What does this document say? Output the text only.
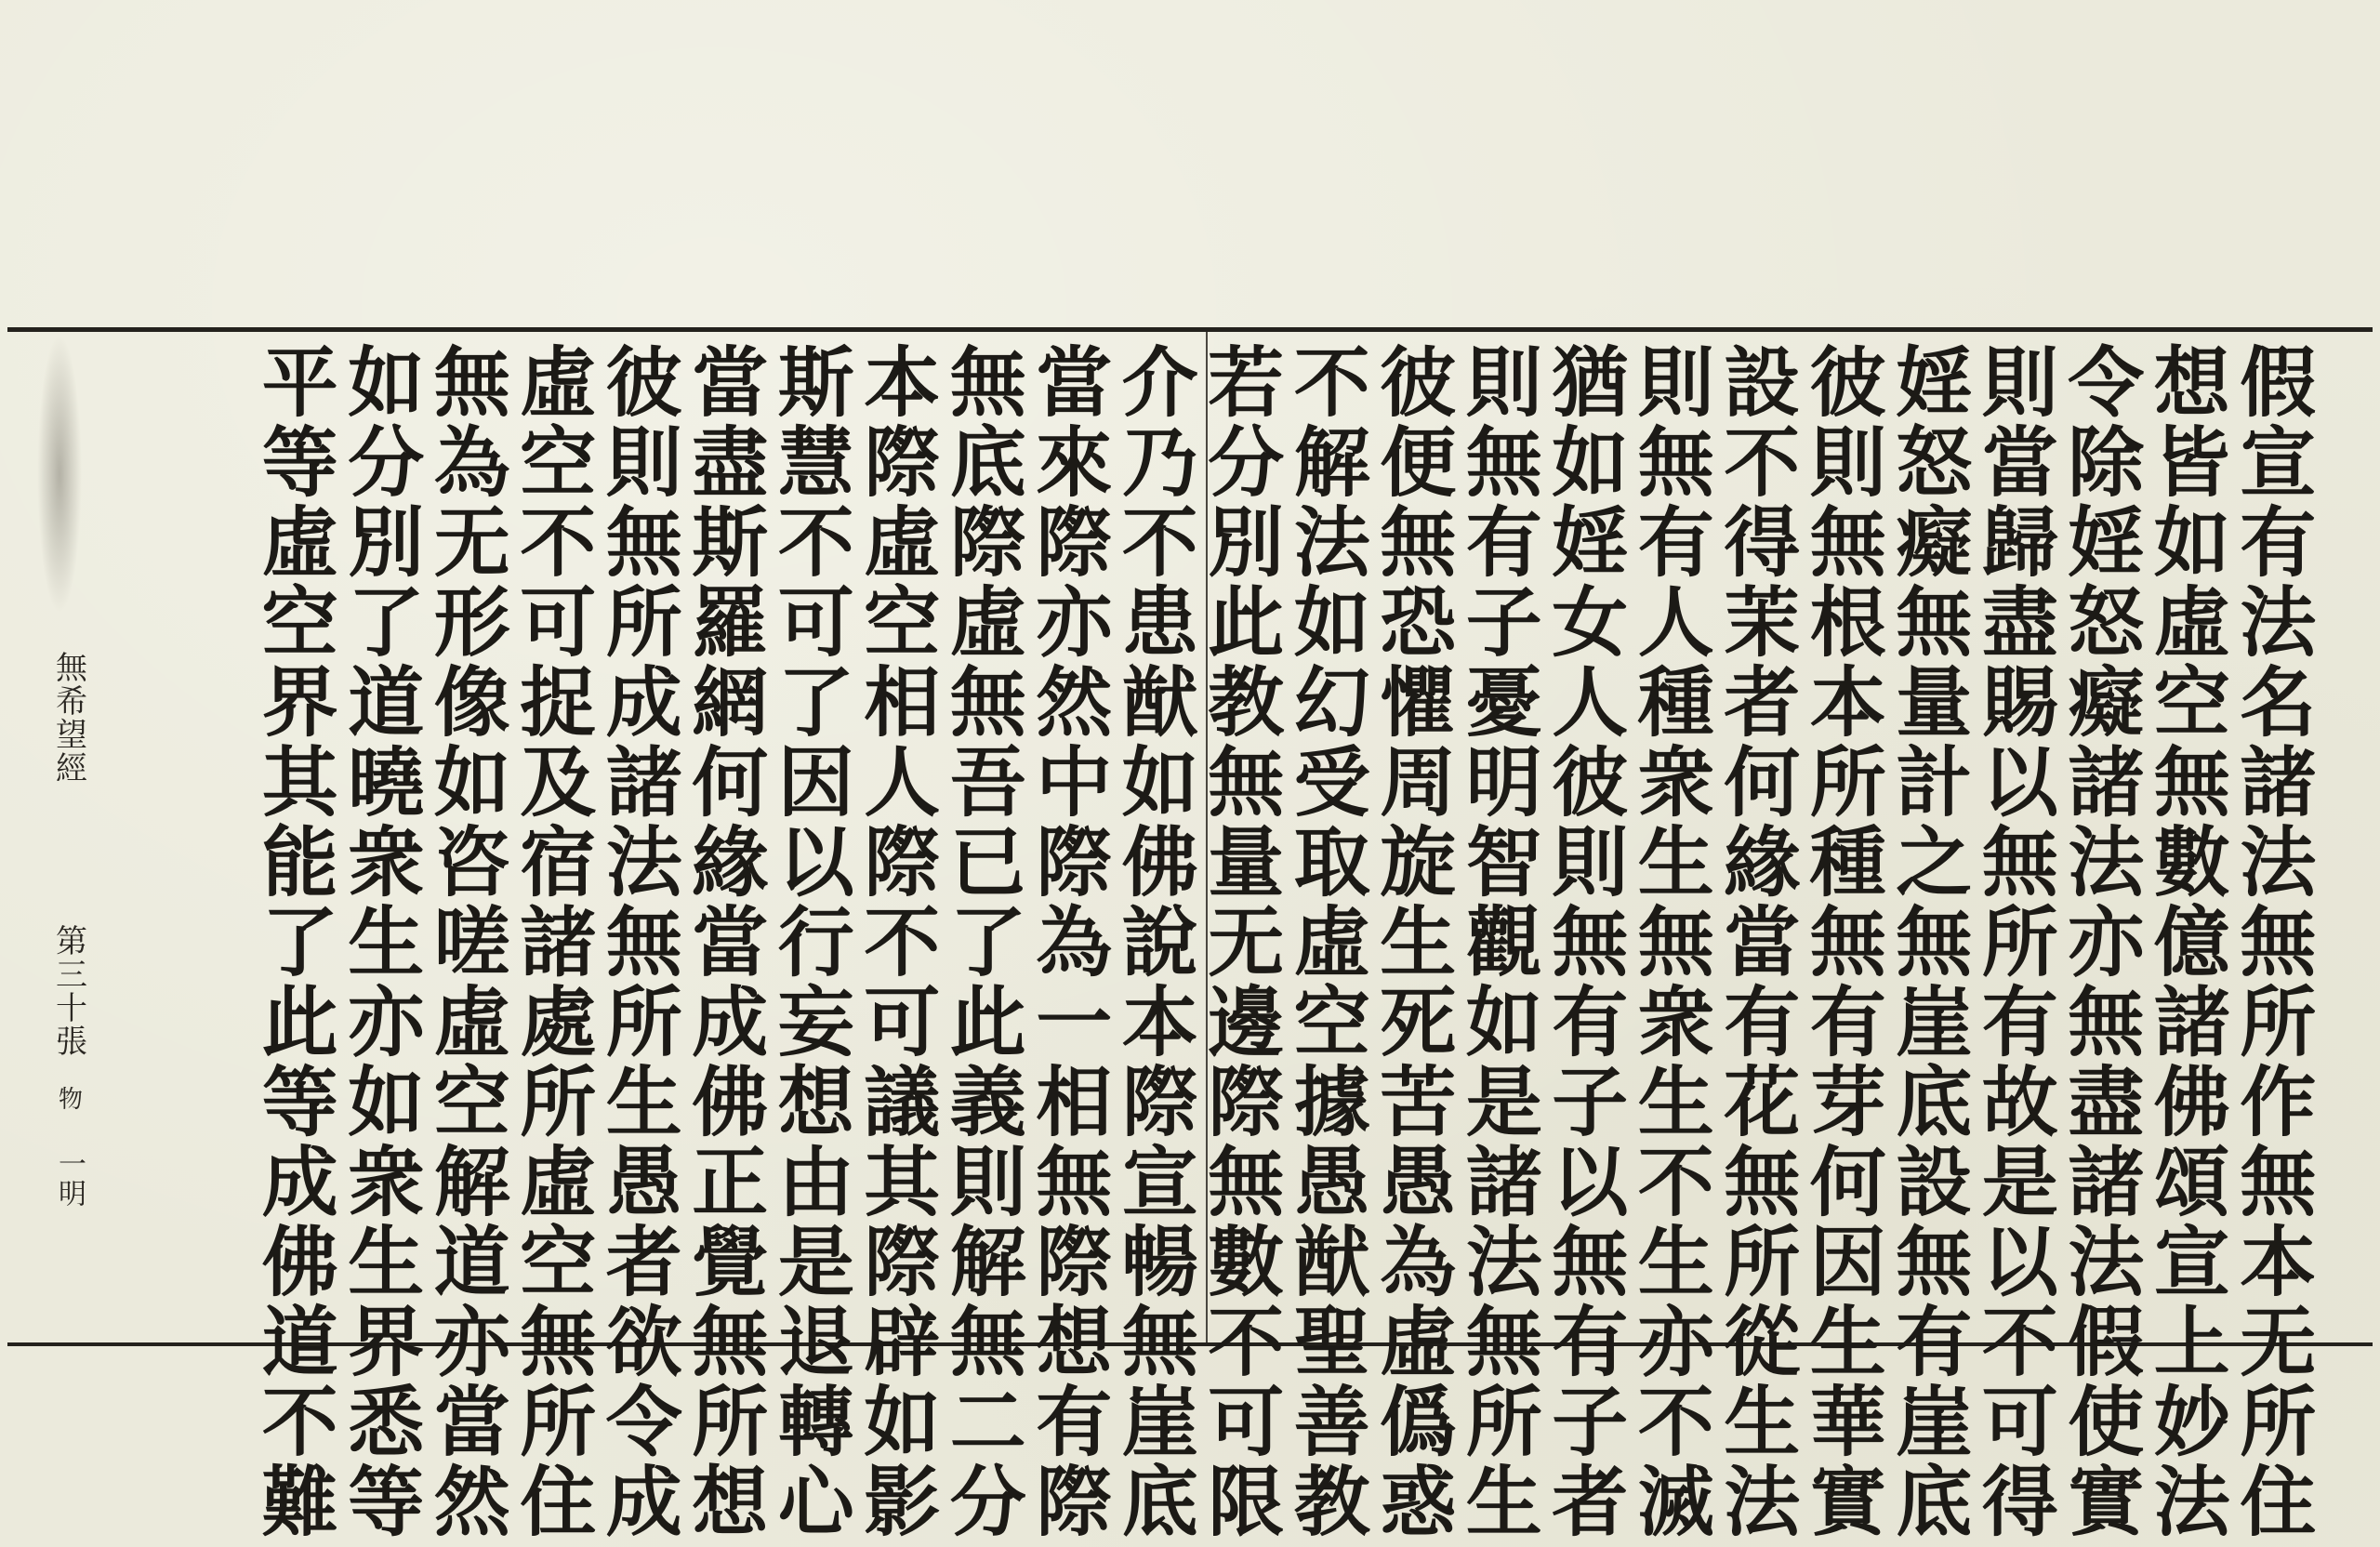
假宣有法名諸法無所作無本无所住
想皆如虛空無數億諸佛頌宣上妙法
令除婬怒癡諸法亦無盡諸法假使實
則當歸盡賜以無所有故是以不可得
婬怒癡無量計之無崖底設無有崖底
彼則無根本所種無有芽何因生華實
設不得茉者何緣當有花無所從生法
則無有人種衆生無衆生不生亦不滅
猶如婬女人彼則無有子以無有子者
則無有子憂明智觀如是諸法無所生
彼便無恐懼周旋生死苦愚為虛僞惑
不解法如幻受取虛空據愚猷聖善教
若分別此教無量无邊際無數不可限
介乃不患猷如佛說本際宣暢無崖底
當來際亦然中際為一相無際想有際
無底際虛無吾已了此義則解無二分
本際虛空相人際不可議其際辟如影
斯慧不可了因以行妄想由是退轉心
當盡斯羅網何緣當成佛正覺無所想
彼則無所成諸法無所生愚者欲令成
虛空不可捉及宿諸處所虛空無所住
無為无形像如咨嗟虛空解道亦當然
如分別了道曉衆生亦如衆生界悉等
平等虛空界其能了此等成佛道不難
無希望經
第三十張
物
一明
